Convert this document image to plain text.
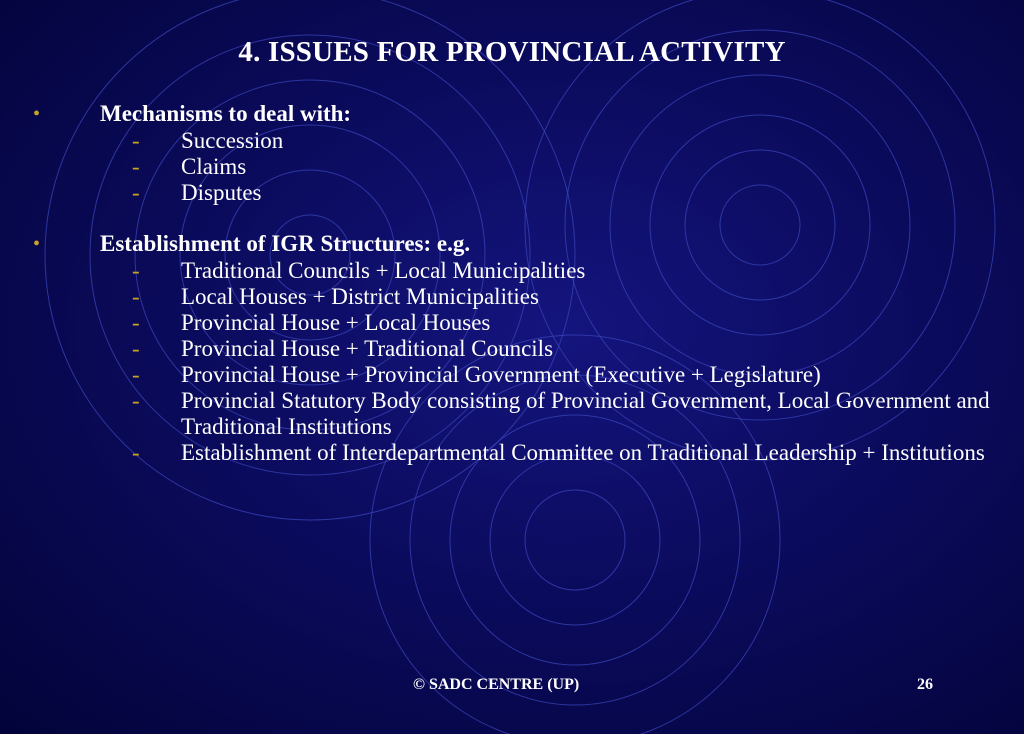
4. ISSUES FOR PROVINCIAL ACTIVITY
•	Mechanisms to deal with:
- Succession
- Claims
- Disputes
•	Establishment of IGR Structures: e.g.
- Traditional Councils + Local Municipalities
- Local Houses + District Municipalities
- Provincial House + Local Houses
- Provincial House + Traditional Councils
- Provincial House + Provincial Government (Executive + Legislature)
- Provincial Statutory Body consisting of Provincial Government, Local Government and Traditional Institutions
- Establishment of Interdepartmental Committee on Traditional Leadership + Institutions
© SADC CENTRE (UP)	26
